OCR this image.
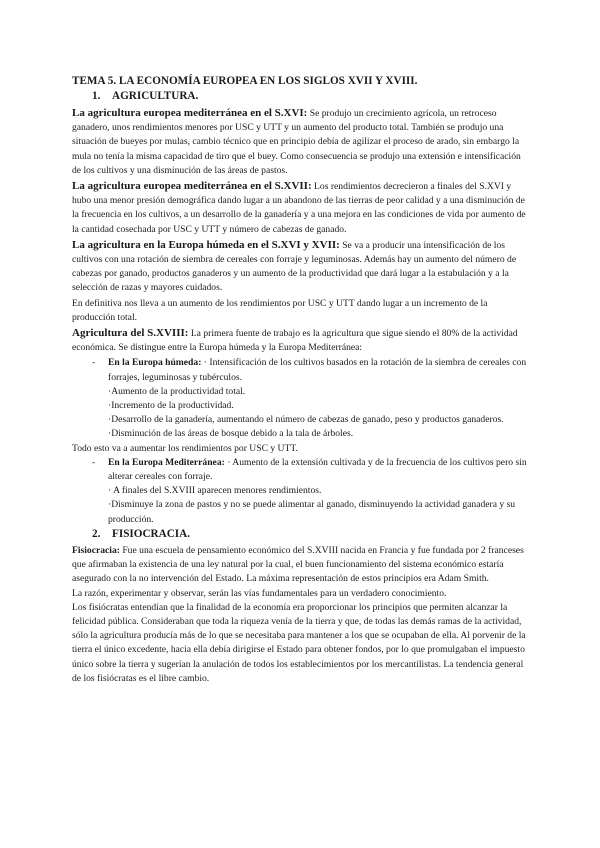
TEMA 5. LA ECONOMÍA EUROPEA EN LOS SIGLOS XVII Y XVIII.
1. AGRICULTURA.

La agricultura europea mediterránea en el S.XVI: Se produjo un crecimiento agrícola, un retroceso ganadero, unos rendimientos menores por USC y UTT y un aumento del producto total. También se produjo una situación de bueyes por mulas, cambio técnico que en principio debía de agilizar el proceso de arado, sin embargo la mula no tenía la misma capacidad de tiro que el buey. Como consecuencia se produjo una extensión e intensificación de los cultivos y una disminución de las áreas de pastos.

La agricultura europea mediterránea en el S.XVII: Los rendimientos decrecieron a finales del S.XVI y hubo una menor presión demográfica dando lugar a un abandono de las tierras de peor calidad y a una disminución de la frecuencia en los cultivos, a un desarrollo de la ganadería y a una mejora en las condiciones de vida por aumento de la cantidad cosechada por USC y UTT y número de cabezas de ganado.

La agricultura en la Europa húmeda en el S.XVI y XVII: Se va a producir una intensificación de los cultivos con una rotación de siembra de cereales con forraje y leguminosas. Además hay un aumento del número de cabezas por ganado, productos ganaderos y un aumento de la productividad que dará lugar a la estabulación y a la selección de razas y mayores cuidados.

En definitiva nos lleva a un aumento de los rendimientos por USC y UTT dando lugar a un incremento de la producción total.

Agricultura del S.XVIII: La primera fuente de trabajo es la agricultura que sigue siendo el 80% de la actividad económica. Se distingue entre la Europa húmeda y la Europa Mediterránea:

- En la Europa húmeda: · Intensificación de los cultivos basados en la rotación de la siembra de cereales con forrajes, leguminosas y tubérculos.

·Aumento de la productividad total.

·Incremento de la productividad.

·Desarrollo de la ganadería, aumentando el número de cabezas de ganado, peso y productos ganaderos.

·Disminución de las áreas de bosque debido a la tala de árboles.

Todo esto va a aumentar los rendimientos por USC y UTT.

- En la Europa Mediterránea: · Aumento de la extensión cultivada y de la frecuencia de los cultivos pero sin alterar cereales con forraje.

· A finales del S.XVIII aparecen menores rendimientos.

·Disminuye la zona de pastos y no se puede alimentar al ganado, disminuyendo la actividad ganadera y su producción.

2. FISIOCRACIA.

Fisiocracia: Fue una escuela de pensamiento económico del S.XVIII nacida en Francia y fue fundada por 2 franceses que afirmaban la existencia de una ley natural por la cual, el buen funcionamiento del sistema económico estaría asegurado con la no intervención del Estado. La máxima representación de estos principios era Adam Smith.

La razón, experimentar y observar, serán las vías fundamentales para un verdadero conocimiento.

Los fisiócratas entendían que la finalidad de la economía era proporcionar los principios que permiten alcanzar la felicidad pública. Consideraban que toda la riqueza venía de la tierra y que, de todas las demás ramas de la actividad, sólo la agricultura producía más de lo que se necesitaba para mantener a los que se ocupaban de ella. Al porvenir de la tierra el único excedente, hacia ella debía dirigirse el Estado para obtener fondos, por lo que promulgaban el impuesto único sobre la tierra y sugerían la anulación de todos los establecimientos por los mercantilistas. La tendencia general de los fisiócratas es el libre cambio.
